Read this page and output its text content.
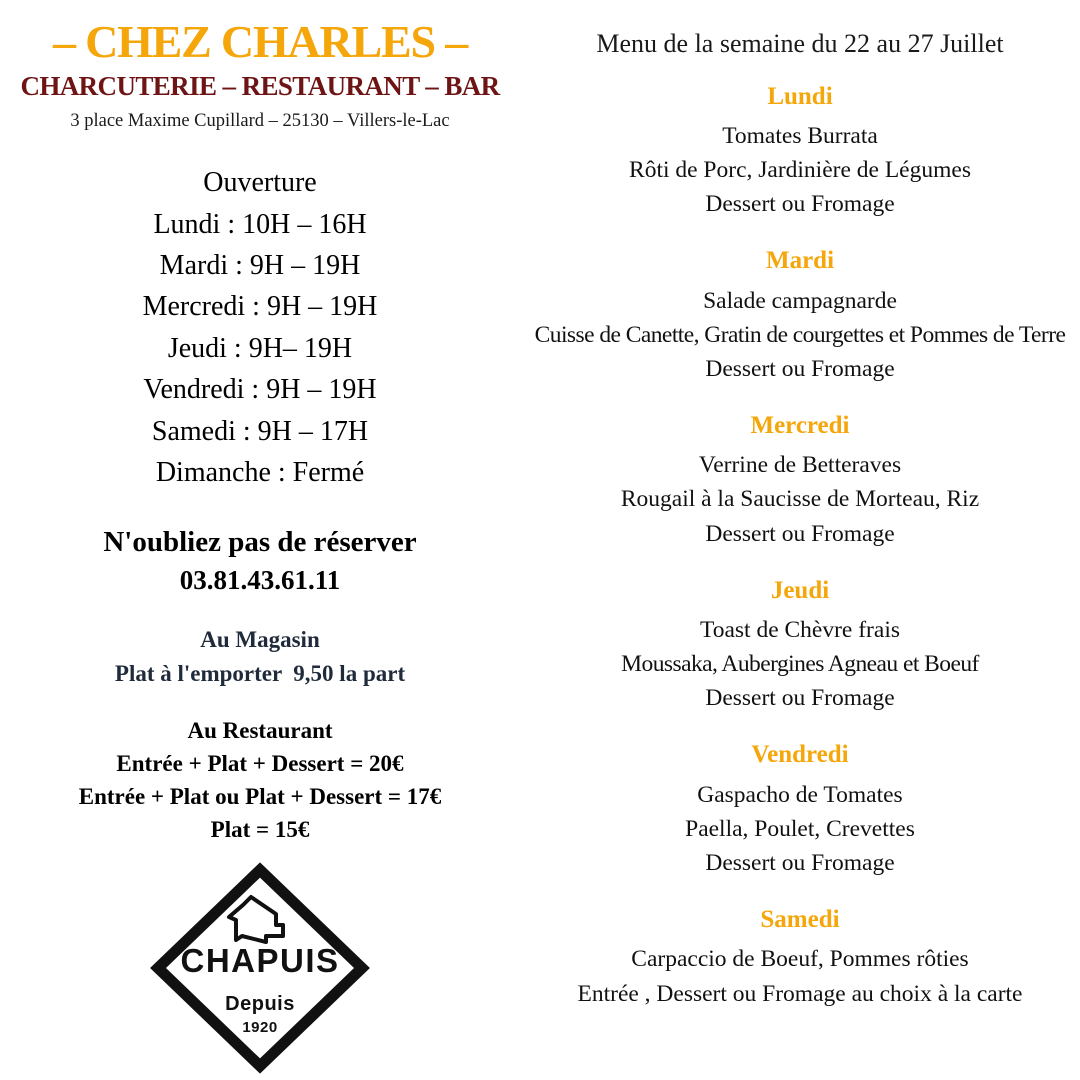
– CHEZ CHARLES –
CHARCUTERIE – RESTAURANT – BAR
3 place Maxime Cupillard – 25130 – Villers-le-Lac
Ouverture
Lundi : 10H – 16H
Mardi : 9H – 19H
Mercredi : 9H – 19H
Jeudi : 9H– 19H
Vendredi : 9H – 19H
Samedi : 9H – 17H
Dimanche : Fermé
N'oubliez pas de réserver
03.81.43.61.11
Au Magasin
Plat à l'emporter  9,50 la part
Au Restaurant
Entrée + Plat + Dessert = 20€
Entrée + Plat ou Plat + Dessert = 17€
Plat = 15€
CHAPUIS
Depuis
1920
Menu de la semaine du 22 au 27 Juillet
Lundi
Tomates Burrata
Rôti de Porc, Jardinière de Légumes
Dessert ou Fromage
Mardi
Salade campagnarde
Cuisse de Canette, Gratin de courgettes et Pommes de Terre
Dessert ou Fromage
Mercredi
Verrine de Betteraves
Rougail à la Saucisse de Morteau, Riz
Dessert ou Fromage
Jeudi
Toast de Chèvre frais
Moussaka, Aubergines Agneau et Boeuf
Dessert ou Fromage
Vendredi
Gaspacho de Tomates
Paella, Poulet, Crevettes
Dessert ou Fromage
Samedi
Carpaccio de Boeuf, Pommes rôties
Entrée , Dessert ou Fromage au choix à la carte
